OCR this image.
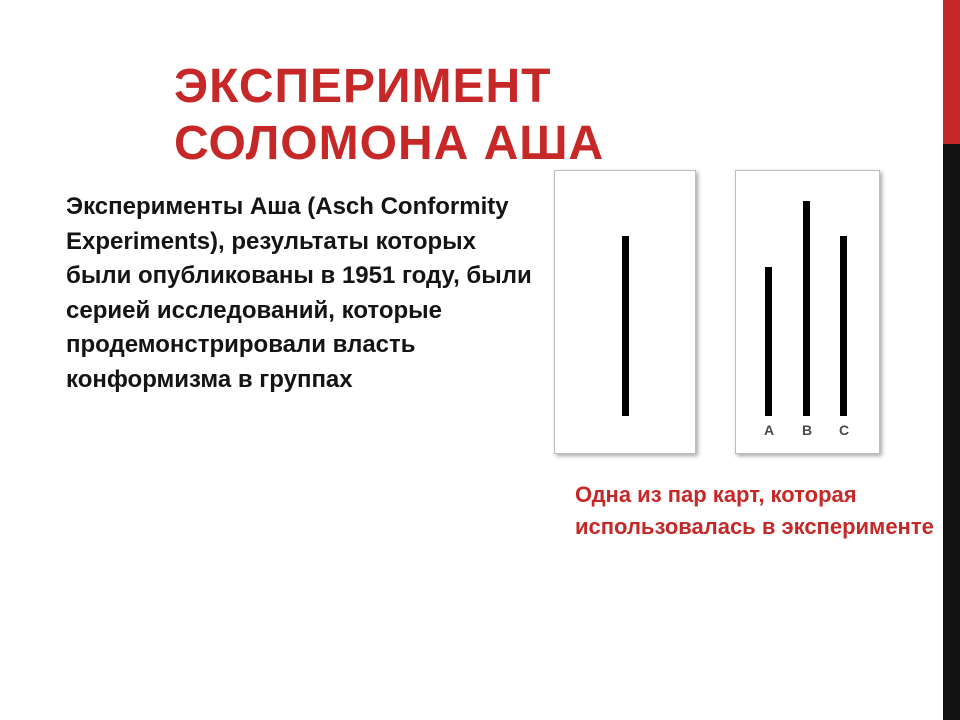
ЭКСПЕРИМЕНТ
СОЛОМОНА АША

Эксперименты Аша (Asch Conformity Experiments), результаты которых были опубликованы в 1951 году, были серией исследований, которые продемонстрировали власть конформизма в группах

A	B	C

Одна из пар карт, которая использовалась в эксперименте
